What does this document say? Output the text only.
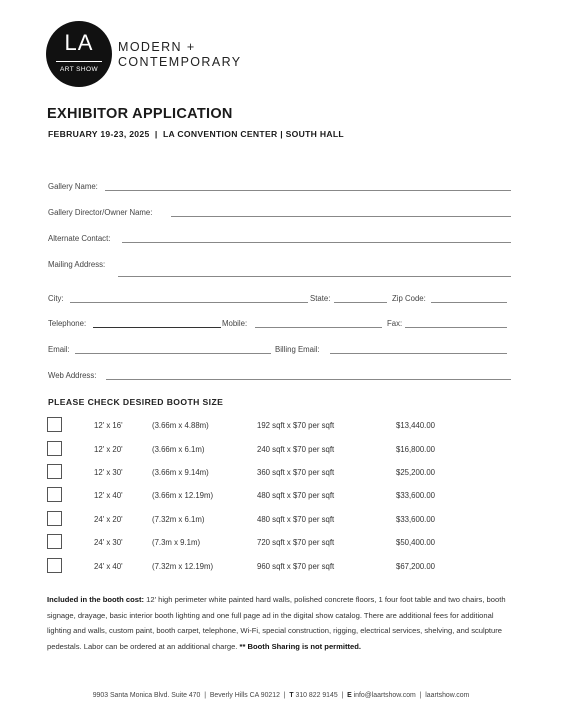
LA
ART SHOW
MODERN +
CONTEMPORARY
EXHIBITOR APPLICATION
FEBRUARY 19-23, 2025  |  LA CONVENTION CENTER | SOUTH HALL
Gallery Name:
Gallery Director/Owner Name:
Alternate Contact:
Mailing Address:
City:	State:	Zip Code:
Telephone:	Mobile:	Fax:
Email:	Billing Email:
Web Address:
PLEASE CHECK DESIRED BOOTH SIZE
12' x 16'	(3.66m x 4.88m)	192 sqft x $70 per sqft	$13,440.00
12' x 20'	(3.66m x 6.1m)	240 sqft x $70 per sqft	$16,800.00
12' x 30'	(3.66m x 9.14m)	360 sqft x $70 per sqft	$25,200.00
12' x 40'	(3.66m x 12.19m)	480 sqft x $70 per sqft	$33,600.00
24' x 20'	(7.32m x 6.1m)	480 sqft x $70 per sqft	$33,600.00
24' x 30'	(7.3m x 9.1m)	720 sqft x $70 per sqft	$50,400.00
24' x 40'	(7.32m x 12.19m)	960 sqft x $70 per sqft	$67,200.00
Included in the booth cost: 12' high perimeter white painted hard walls, polished concrete floors, 1 four foot table and two chairs, booth signage, drayage, basic interior booth lighting and one full page ad in the digital show catalog. There are additional fees for additional lighting and walls, custom paint, booth carpet, telephone, Wi-Fi, special construction, rigging, electrical services, shelving, and sculpture pedestals. Labor can be ordered at an additional charge. ** Booth Sharing is not permitted.
9903 Santa Monica Blvd. Suite 470  |  Beverly Hills CA 90212  |  T 310 822 9145  |  E info@laartshow.com  |  laartshow.com
